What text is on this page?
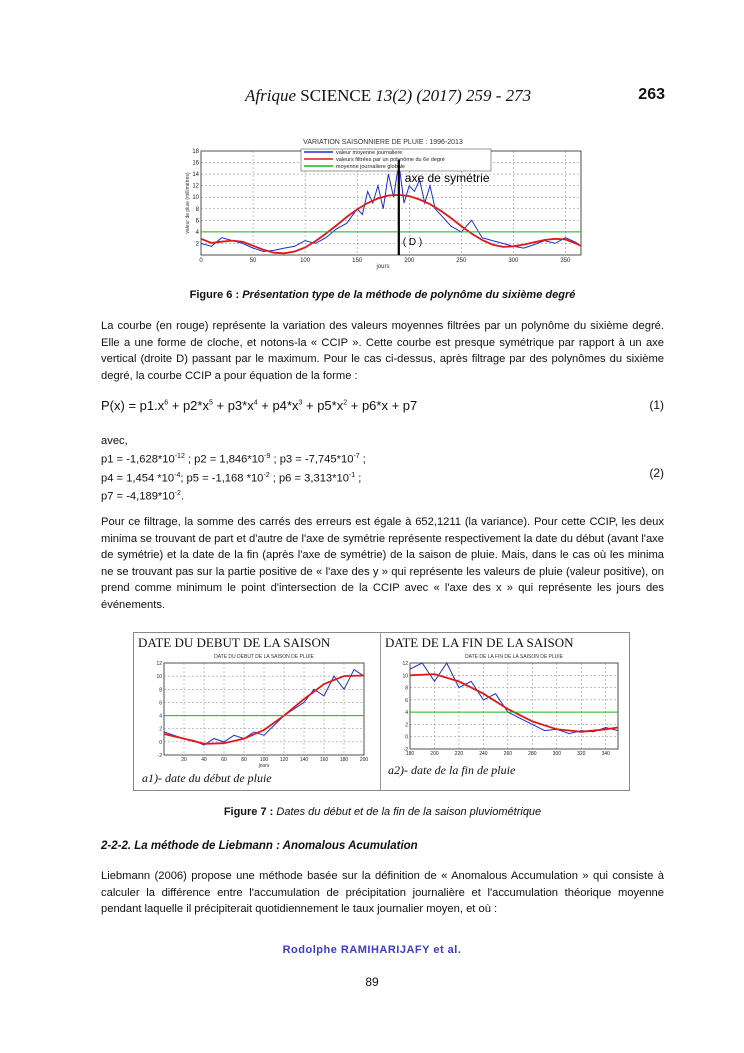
Afrique SCIENCE 13(2) (2017) 259 - 273	263
2
4
6
8
10
12
14
16
18
0	50	100	150	200	250	300	350
VARIATION SAISONNIERE DE PLUIE : 1996-2013
jours
valeur de pluie (millimètres)
valeur moyenne journaliere
valeurs filtrées par un polynôme du 6e degré
moyenne journaliere globale
axe de symétrie
( D )
Figure 6 : Présentation type de la méthode de polynôme du sixième degré

La courbe (en rouge) représente la variation des valeurs moyennes filtrées par un polynôme du sixième degré. Elle a une forme de cloche, et notons-la « CCIP ». Cette courbe est presque symétrique par rapport à un axe vertical (droite D) passant par le maximum. Pour le cas ci-dessus, après filtrage par des polynômes du sixième degré, la courbe CCIP a pour équation de la forme :

$P(x) = p1.x^6 + p2*x^5 + p3*x^4 + p4*x^3 + p5*x^2 + p6*x + p7$	(1)
avec,
$p1 = -1,628*10^{-12}$ ; $p2 = 1,846*10^{-9}$ ; $p3 = -7,745*10^{-7}$ ;
p4 = 1,454 $*10^{-4}$; p5 = -1,168 $*10^{-2}$ ; $p6 = 3,313*10^{-1}$ ;
$p7 = -4,189*10^{-2}$.
(2)

Pour ce filtrage, la somme des carrés des erreurs est égale à 652,1211 (la variance). Pour cette CCIP, les deux minima se trouvant de part et d'autre de l'axe de symétrie représente respectivement la date du début (avant l'axe de symétrie) et la date de la fin (après l'axe de symétrie) de la saison de pluie. Mais, dans le cas où les minima ne se trouvant pas sur la partie positive de « l'axe des y » qui représente les valeurs de pluie (valeur positive), on prend comme minimum le point d'intersection de la CCIP avec « l'axe des x » qui représente les jours des événements.

DATE DU DEBUT DE LA SAISON	DATE DE LA FIN DE LA SAISON
-2
0
2
4
6
8
10
12
20	40	60	80	100 120 140 160 180 200
DATE DU DEBUT DE LA SAISON DE PLUIE
jours
-2
0
2
4
6
8
10
12
180	200	220	240	260	280	300	320	340
DATE DE LA FIN DE LA SAISON DE PLUIE
a1)- date du début de pluie
a2)- date de la fin de pluie
Figure 7 : Dates du début et de la fin de la saison pluviométrique
2-2-2. La méthode de Liebmann : Anomalous Acumulation

Liebmann (2006) propose une méthode basée sur la définition de « Anomalous Accumulation » qui consiste à calculer la différence entre l'accumulation de précipitation journalière et l'accumulation théorique moyenne pendant laquelle il précipiterait quotidiennement le taux journalier moyen, et où :

Rodolphe RAMIHARIJAFY et al.
89
